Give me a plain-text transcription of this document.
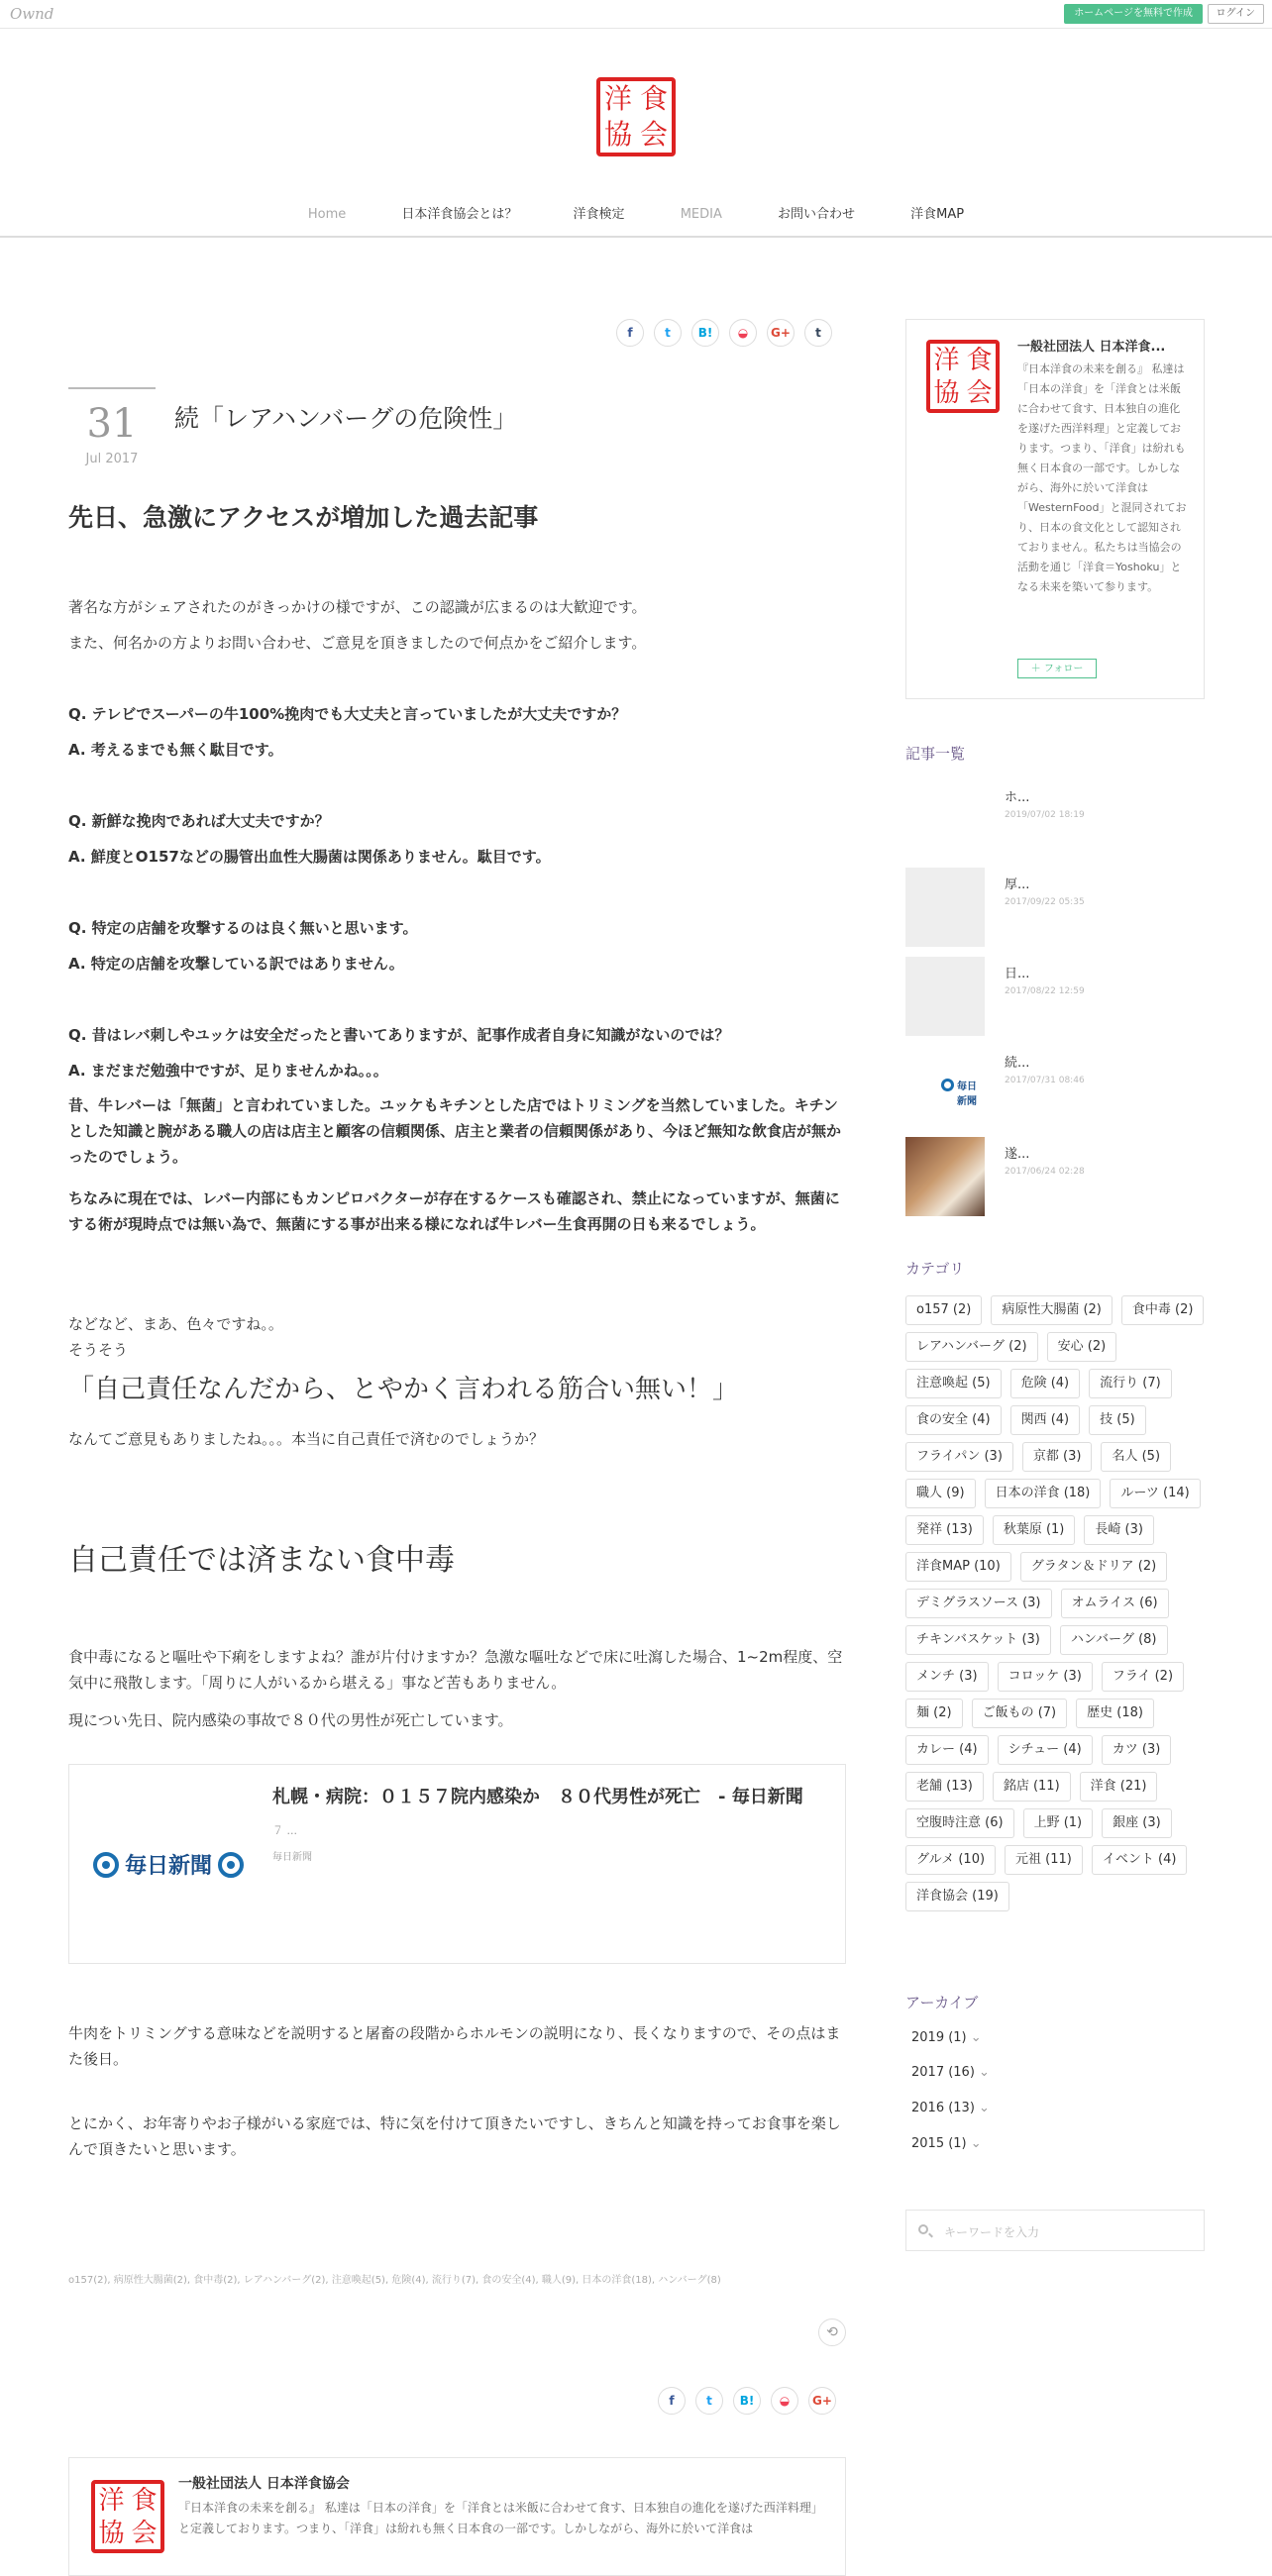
Ownd	ホームページを無料で作成	ログイン
洋 食
協 会
Home	日本洋食協会とは？	洋食検定	MEDIA	お問い合わせ	洋食MAP
f	t	B!	◒	G+	t
31
Jul 2017
続「レアハンバーグの危険性」
先日、急激にアクセスが増加した過去記事
著名な方がシェアされたのがきっかけの様ですが、この認識が広まるのは大歓迎です。
また、何名かの方よりお問い合わせ、ご意見を頂きましたので何点かをご紹介します。
Q. テレビでスーパーの牛100%挽肉でも大丈夫と言っていましたが大丈夫ですか？
A. 考えるまでも無く駄目です。
Q. 新鮮な挽肉であれば大丈夫ですか？
A. 鮮度とO157などの腸管出血性大腸菌は関係ありません。駄目です。
Q. 特定の店舗を攻撃するのは良く無いと思います。
A. 特定の店舗を攻撃している訳ではありません。
Q. 昔はレバ刺しやユッケは安全だったと書いてありますが、記事作成者自身に知識がないのでは？
A. まだまだ勉強中ですが、足りませんかね。。。
昔、牛レバーは「無菌」と言われていました。ユッケもキチンとした店ではトリミングを当然していました。キチンとした知識と腕がある職人の店は店主と顧客の信頼関係、店主と業者の信頼関係があり、今ほど無知な飲食店が無かったのでしょう。
ちなみに現在では、レバー内部にもカンピロバクターが存在するケースも確認され、禁止になっていますが、無菌にする術が現時点では無い為で、無菌にする事が出来る様になれば牛レバー生食再開の日も来るでしょう。
などなど、まあ、色々ですね。。
そうそう
「自己責任なんだから、とやかく言われる筋合い無い！」
なんてご意見もありましたね。。。本当に自己責任で済むのでしょうか？
自己責任では済まない食中毒
食中毒になると嘔吐や下痢をしますよね？誰が片付けますか？急激な嘔吐などで床に吐瀉した場合、1~2m程度、空気中に飛散します。「周りに人がいるから堪える」事など苦もありません。
現につい先日、院内感染の事故で８０代の男性が死亡しています。
毎日新聞
札幌・病院：０１５７院内感染か　８０代男性が死亡　- 毎日新聞
７ ...
毎日新聞
牛肉をトリミングする意味などを説明すると屠畜の段階からホルモンの説明になり、長くなりますので、その点はまた後日。
とにかく、お年寄りやお子様がいる家庭では、特に気を付けて頂きたいですし、きちんと知識を持ってお食事を楽しんで頂きたいと思います。
o157(2), 病原性大腸菌(2), 食中毒(2), レアハンバーグ(2), 注意喚起(5), 危険(4), 流行り(7), 食の安全(4), 職人(9), 日本の洋食(18), ハンバーグ(8)
⟲
f	t	B!	◒	G+
洋 食
協 会
一般社団法人 日本洋食協会
『日本洋食の未来を創る』 私達は「日本の洋食」を「洋食とは米飯に合わせて食す、日本独自の進化を遂げた西洋料理」と定義しております。つまり、「洋食」は紛れも無く日本食の一部です。しかしながら、海外に於いて洋食は
洋 食
協 会
一般社団法人 日本洋食...
『日本洋食の未来を創る』 私達は「日本の洋食」を「洋食とは米飯に合わせて食す、日本独自の進化を遂げた西洋料理」と定義しております。つまり、「洋食」は紛れも無く日本食の一部です。しかしながら、海外に於いて洋食は「WesternFood」と混同されており、日本の食文化として認知されておりません。私たちは当協会の活動を通じ「洋食＝Yoshoku」となる未来を築いて参ります。
＋ フォロー
記事一覧
ホ...
2019/07/02 18:19
厚...
2017/09/22 05:35
日...
2017/08/22 12:59
毎日新聞
続...
2017/07/31 08:46
遂...
2017/06/24 02:28
カテゴリ
o157 (2)	病原性大腸菌 (2)	食中毒 (2)
レアハンバーグ (2)	安心 (2)
注意喚起 (5)	危険 (4)	流行り (7)
食の安全 (4)	関西 (4)	技 (5)
フライパン (3)	京都 (3)	名人 (5)
職人 (9)	日本の洋食 (18)	ルーツ (14)
発祥 (13)	秋葉原 (1)	長崎 (3)
洋食MAP (10)	グラタン＆ドリア (2)
デミグラスソース (3)	オムライス (6)
チキンバスケット (3)	ハンバーグ (8)
メンチ (3)	コロッケ (3)	フライ (2)
麺 (2)	ご飯もの (7)	歴史 (18)
カレー (4)	シチュー (4)	カツ (3)
老舗 (13)	銘店 (11)	洋食 (21)
空腹時注意 (6)	上野 (1)	銀座 (3)
グルメ (10)	元祖 (11)	イベント (4)
洋食協会 (19)
アーカイブ
2019 (1) ⌄
2017 (16) ⌄
2016 (13) ⌄
2015 (1) ⌄
キーワードを入力
